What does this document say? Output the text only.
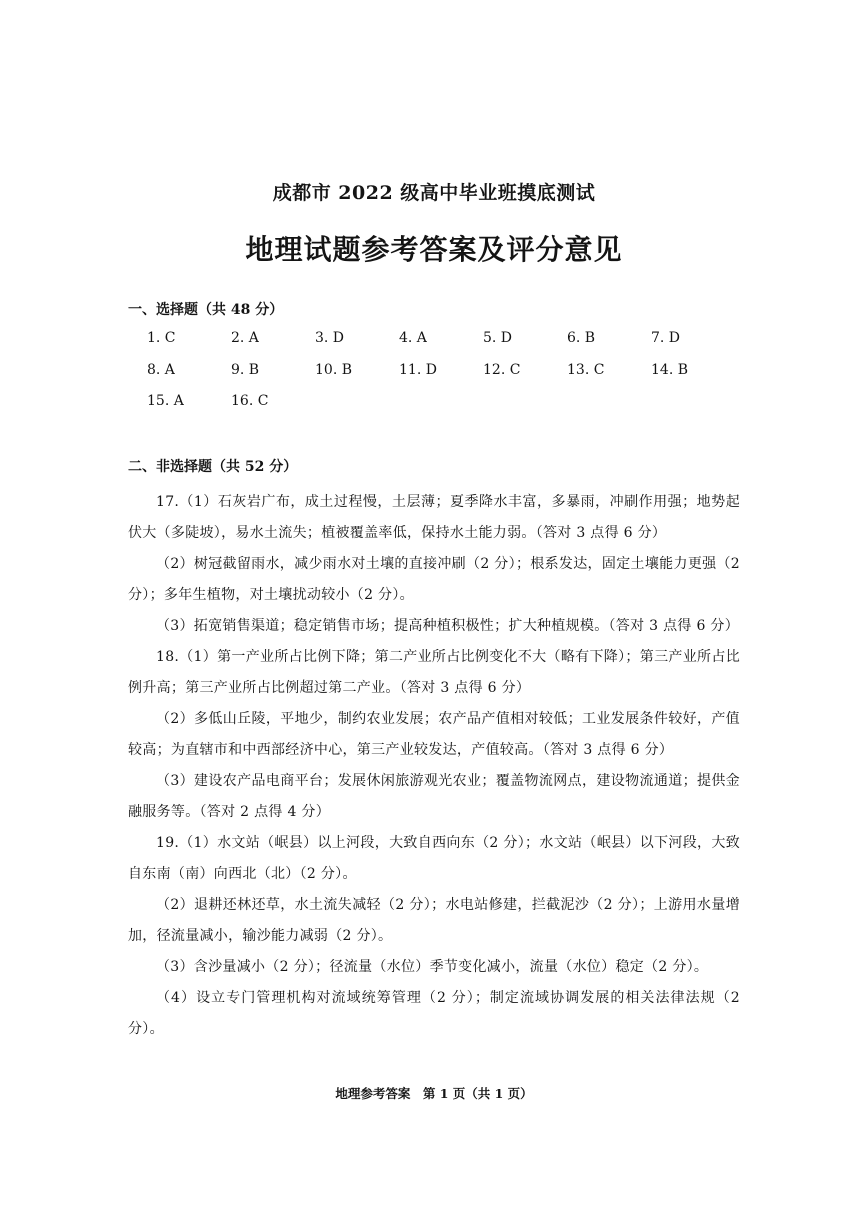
成都市 2022 级高中毕业班摸底测试
地理试题参考答案及评分意见
一、选择题（共 48 分）
1. C	2. A	3. D	4. A	5. D	6. B	7. D
8. A	9. B	10. B	11. D	12. C	13. C	14. B
15. A	16. C
二、非选择题（共 52 分）

17.（1）石灰岩广布，成土过程慢，土层薄；夏季降水丰富，多暴雨，冲刷作用强；地势起伏大（多陡坡），易水土流失；植被覆盖率低，保持水土能力弱。（答对 3 点得 6 分）

（2）树冠截留雨水，减少雨水对土壤的直接冲刷（2 分）；根系发达，固定土壤能力更强（2 分）；多年生植物，对土壤扰动较小（2 分）。

（3）拓宽销售渠道；稳定销售市场；提高种植积极性；扩大种植规模。（答对 3 点得 6 分）

18.（1）第一产业所占比例下降；第二产业所占比例变化不大（略有下降）；第三产业所占比例升高；第三产业所占比例超过第二产业。（答对 3 点得 6 分）

（2）多低山丘陵，平地少，制约农业发展；农产品产值相对较低；工业发展条件较好，产值较高；为直辖市和中西部经济中心，第三产业较发达，产值较高。（答对 3 点得 6 分）

（3）建设农产品电商平台；发展休闲旅游观光农业；覆盖物流网点，建设物流通道；提供金融服务等。（答对 2 点得 4 分）

19.（1）水文站（岷县）以上河段，大致自西向东（2 分）；水文站（岷县）以下河段，大致自东南（南）向西北（北）（2 分）。

（2）退耕还林还草，水土流失减轻（2 分）；水电站修建，拦截泥沙（2 分）；上游用水量增加，径流量减小，输沙能力减弱（2 分）。

（3）含沙量减小（2 分）；径流量（水位）季节变化减小，流量（水位）稳定（2 分）。

（4）设立专门管理机构对流域统筹管理（2 分）；制定流域协调发展的相关法律法规（2 分）。

地理参考答案　第 1 页（共 1 页）
